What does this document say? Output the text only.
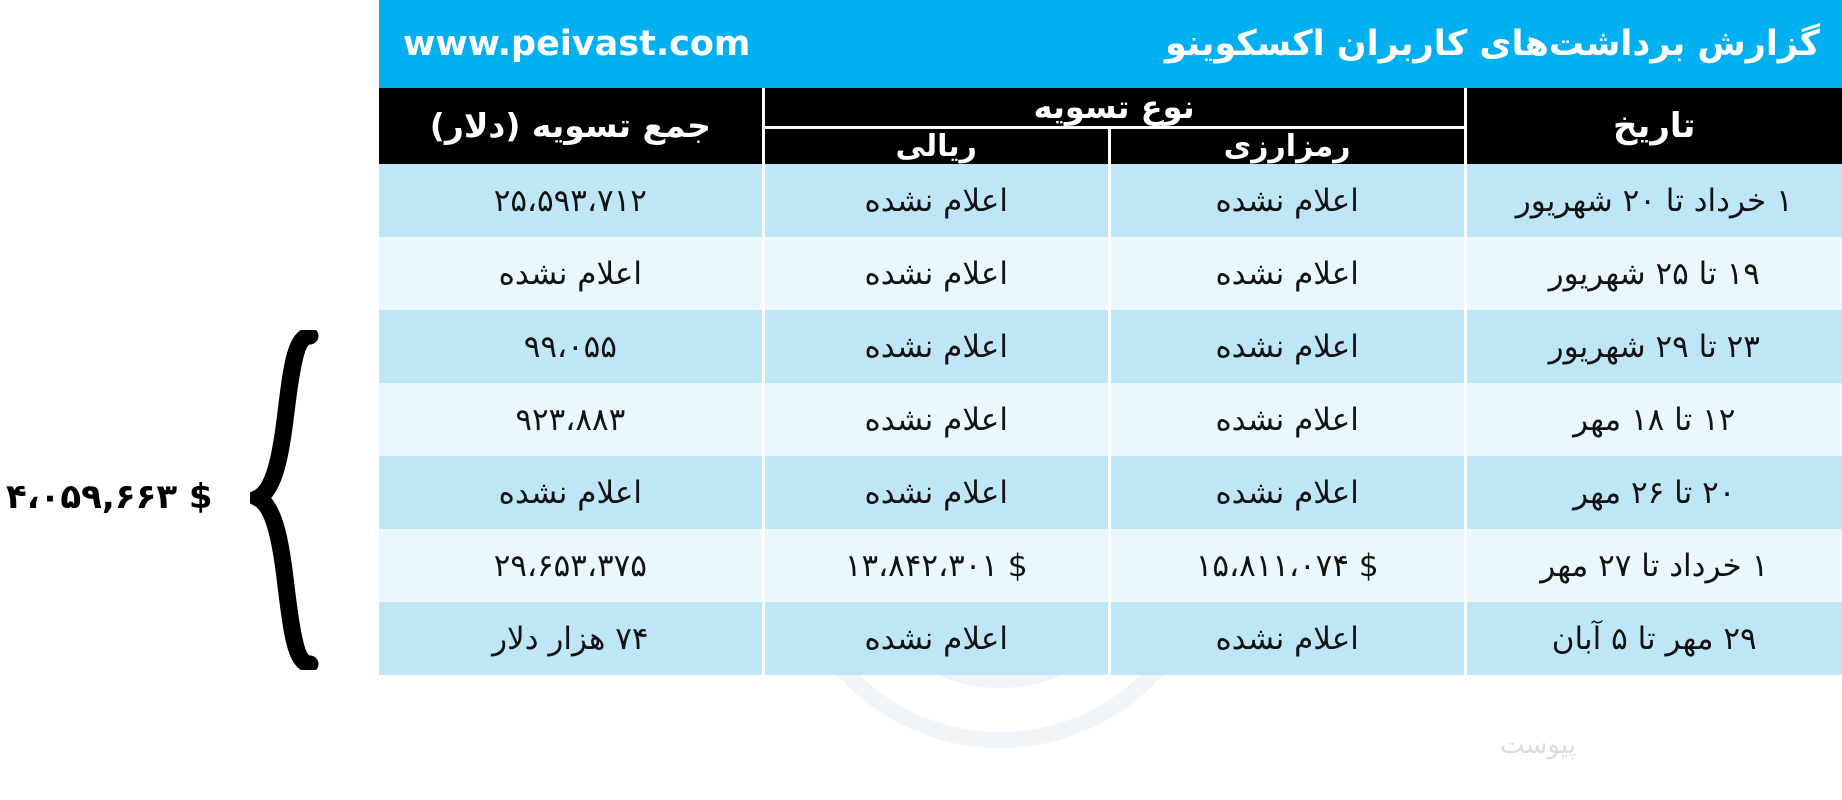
پیوست
۴،۰۵۹,۶۶۳ $
گزارش برداشت‌های کاربران اکسکوینو		www.peivast.com	
تاریخ	نوع تسویه		جمع تسویه (دلار)
	رمزارزی	ریالی	
۱ خرداد تا ۲۰ شهریور	اعلام نشده	اعلام نشده	۲۵،۵۹۳،۷۱۲
۱۹ تا ۲۵ شهریور	اعلام نشده	اعلام نشده	اعلام نشده
۲۳ تا ۲۹ شهریور	اعلام نشده	اعلام نشده	۹۹،۰۵۵
۱۲ تا ۱۸ مهر	اعلام نشده	اعلام نشده	۹۲۳،۸۸۳
۲۰ تا ۲۶ مهر	اعلام نشده	اعلام نشده	اعلام نشده
۱ خرداد تا ۲۷ مهر	۱۵،۸۱۱،۰۷۴ $	۱۳،۸۴۲،۳۰۱ $	۲۹،۶۵۳،۳۷۵
۲۹ مهر تا ۵ آبان	اعلام نشده	اعلام نشده	۷۴ هزار دلار
